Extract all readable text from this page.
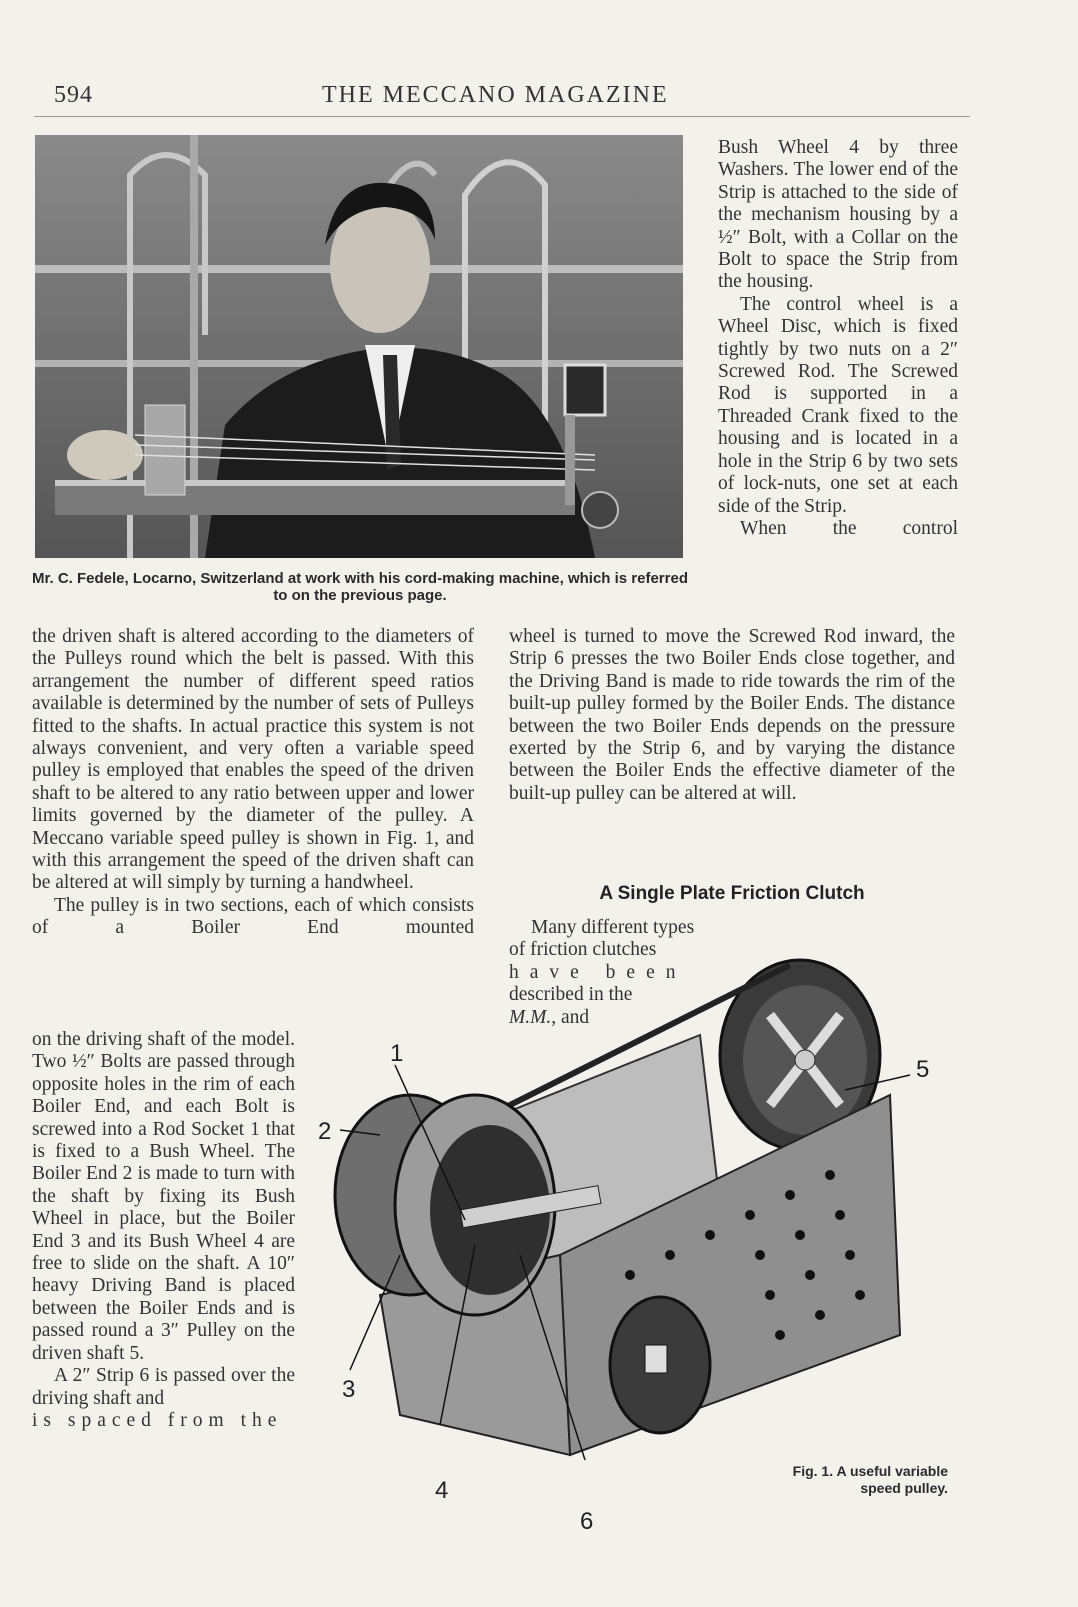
594	THE MECCANO MAGAZINE
Mr. C. Fedele, Locarno, Switzerland at work with his cord-making machine, which is referred to on the previous page.

Bush Wheel 4 by three Washers. The lower end of the Strip is attached to the side of the mechanism housing by a ½″ Bolt, with a Collar on the Bolt to space the Strip from the housing.

The control wheel is a Wheel Disc, which is fixed tightly by two nuts on a 2″ Screwed Rod. The Screwed Rod is supported in a Threaded Crank fixed to the housing and is located in a hole in the Strip 6 by two sets of lock-nuts, one set at each side of the Strip.

When the control

the driven shaft is altered according to the diameters of the Pulleys round which the belt is passed. With this arrangement the number of different speed ratios available is determined by the number of sets of Pulleys fitted to the shafts. In actual practice this system is not always convenient, and very often a variable speed pulley is employed that enables the speed of the driven shaft to be altered to any ratio between upper and lower limits governed by the diameter of the pulley. A Meccano variable speed pulley is shown in Fig. 1, and with this arrangement the speed of the driven shaft can be altered at will simply by turning a handwheel.

The pulley is in two sections, each of which consists of a Boiler End mounted

wheel is turned to move the Screwed Rod inward, the Strip 6 presses the two Boiler Ends close together, and the Driving Band is made to ride towards the rim of the built-up pulley formed by the Boiler Ends. The distance between the two Boiler Ends depends on the pressure exerted by the Strip 6, and by varying the distance between the Boiler Ends the effective diameter of the built-up pulley can be altered at will.

A Single Plate Friction Clutch
Many different types
of friction clutches
have been
described in the
M.M., and

on the driving shaft of the model. Two ½″ Bolts are passed through opposite holes in the rim of each Boiler End, and each Bolt is screwed into a Rod Socket 1 that is fixed to a Bush Wheel. The Boiler End 2 is made to turn with the shaft by fixing its Bush Wheel in place, but the Boiler End 3 and its Bush Wheel 4 are free to slide on the shaft. A 10″ heavy Driving Band is placed between the Boiler Ends and is passed round a 3″ Pulley on the driven shaft 5.

A 2″ Strip 6 is passed over the driving shaft and

is spaced from the

1
2
3
4
5
6
Fig. 1. A useful variable speed pulley.
